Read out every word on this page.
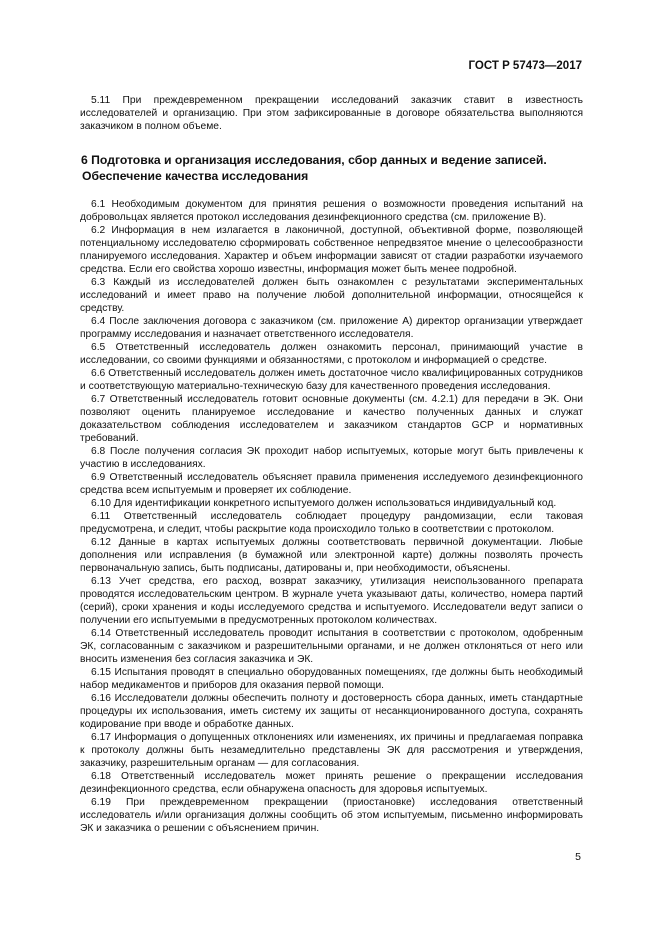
ГОСТ Р 57473—2017

5.11 При преждевременном прекращении исследований заказчик ставит в известность исследователей и организацию. При этом зафиксированные в договоре обязательства выполняются заказчиком в полном объеме.

6 Подготовка и организация исследования, сбор данных и ведение записей.
Обеспечение качества исследования

6.1 Необходимым документом для принятия решения о возможности проведения испытаний на добровольцах является протокол исследования дезинфекционного средства (см. приложение В).

6.2 Информация в нем излагается в лаконичной, доступной, объективной форме, позволяющей потенциальному исследователю сформировать собственное непредвзятое мнение о целесообразности планируемого исследования. Характер и объем информации зависят от стадии разработки изучаемого средства. Если его свойства хорошо известны, информация может быть менее подробной.

6.3 Каждый из исследователей должен быть ознакомлен с результатами экспериментальных исследований и имеет право на получение любой дополнительной информации, относящейся к средству.

6.4 После заключения договора с заказчиком (см. приложение А) директор организации утверждает программу исследования и назначает ответственного исследователя.

6.5 Ответственный исследователь должен ознакомить персонал, принимающий участие в исследовании, со своими функциями и обязанностями, с протоколом и информацией о средстве.

6.6 Ответственный исследователь должен иметь достаточное число квалифицированных сотрудников и соответствующую материально-техническую базу для качественного проведения исследования.

6.7 Ответственный исследователь готовит основные документы (см. 4.2.1) для передачи в ЭК. Они позволяют оценить планируемое исследование и качество полученных данных и служат доказательством соблюдения исследователем и заказчиком стандартов GCP и нормативных требований.

6.8 После получения согласия ЭК проходит набор испытуемых, которые могут быть привлечены к участию в исследованиях.

6.9 Ответственный исследователь объясняет правила применения исследуемого дезинфекционного средства всем испытуемым и проверяет их соблюдение.

6.10 Для идентификации конкретного испытуемого должен использоваться индивидуальный код.

6.11 Ответственный исследователь соблюдает процедуру рандомизации, если таковая предусмотрена, и следит, чтобы раскрытие кода происходило только в соответствии с протоколом.

6.12 Данные в картах испытуемых должны соответствовать первичной документации. Любые дополнения или исправления (в бумажной или электронной карте) должны позволять прочесть первоначальную запись, быть подписаны, датированы и, при необходимости, объяснены.

6.13 Учет средства, его расход, возврат заказчику, утилизация неиспользованного препарата проводятся исследовательским центром. В журнале учета указывают даты, количество, номера партий (серий), сроки хранения и коды исследуемого средства и испытуемого. Исследователи ведут записи о получении его испытуемыми в предусмотренных протоколом количествах.

6.14 Ответственный исследователь проводит испытания в соответствии с протоколом, одобренным ЭК, согласованным с заказчиком и разрешительными органами, и не должен отклоняться от него или вносить изменения без согласия заказчика и ЭК.

6.15 Испытания проводят в специально оборудованных помещениях, где должны быть необходимый набор медикаментов и приборов для оказания первой помощи.

6.16 Исследователи должны обеспечить полноту и достоверность сбора данных, иметь стандартные процедуры их использования, иметь систему их защиты от несанкционированного доступа, сохранять кодирование при вводе и обработке данных.

6.17 Информация о допущенных отклонениях или изменениях, их причины и предлагаемая поправка к протоколу должны быть незамедлительно представлены ЭК для рассмотрения и утверждения, заказчику, разрешительным органам — для согласования.

6.18 Ответственный исследователь может принять решение о прекращении исследования дезинфекционного средства, если обнаружена опасность для здоровья испытуемых.

6.19 При преждевременном прекращении (приостановке) исследования ответственный исследователь и/или организация должны сообщить об этом испытуемым, письменно информировать ЭК и заказчика о решении с объяснением причин.

5
